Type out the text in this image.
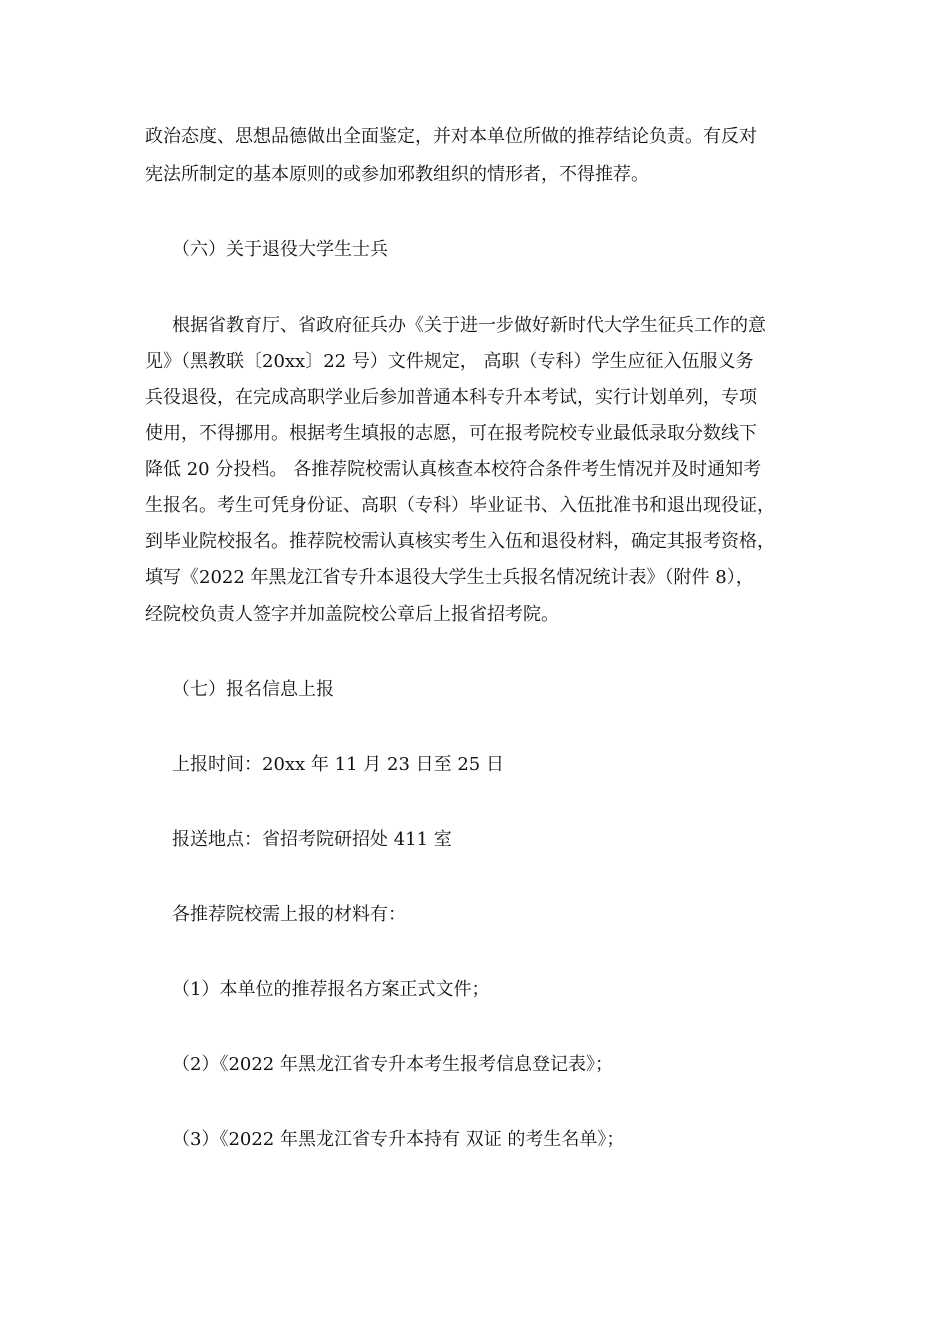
政治态度、思想品德做出全面鉴定，并对本单位所做的推荐结论负责。有反对
宪法所制定的基本原则的或参加邪教组织的情形者，不得推荐。
（六）关于退役大学生士兵
根据省教育厅、省政府征兵办《关于进一步做好新时代大学生征兵工作的意
见》（黑教联〔20xx〕22 号）文件规定， 高职（专科）学生应征入伍服义务
兵役退役，在完成高职学业后参加普通本科专升本考试，实行计划单列，专项
使用，不得挪用。根据考生填报的志愿，可在报考院校专业最低录取分数线下
降低 20 分投档。 各推荐院校需认真核查本校符合条件考生情况并及时通知考
生报名。考生可凭身份证、高职（专科）毕业证书、入伍批准书和退出现役证，
到毕业院校报名。推荐院校需认真核实考生入伍和退役材料，确定其报考资格，
填写《2022 年黑龙江省专升本退役大学生士兵报名情况统计表》（附件 8），
经院校负责人签字并加盖院校公章后上报省招考院。
（七）报名信息上报
上报时间：20xx 年 11 月 23 日至 25 日
报送地点：省招考院研招处 411 室
各推荐院校需上报的材料有：
（1）本单位的推荐报名方案正式文件；
（2）《2022 年黑龙江省专升本考生报考信息登记表》；
（3）《2022 年黑龙江省专升本持有 双证 的考生名单》；
